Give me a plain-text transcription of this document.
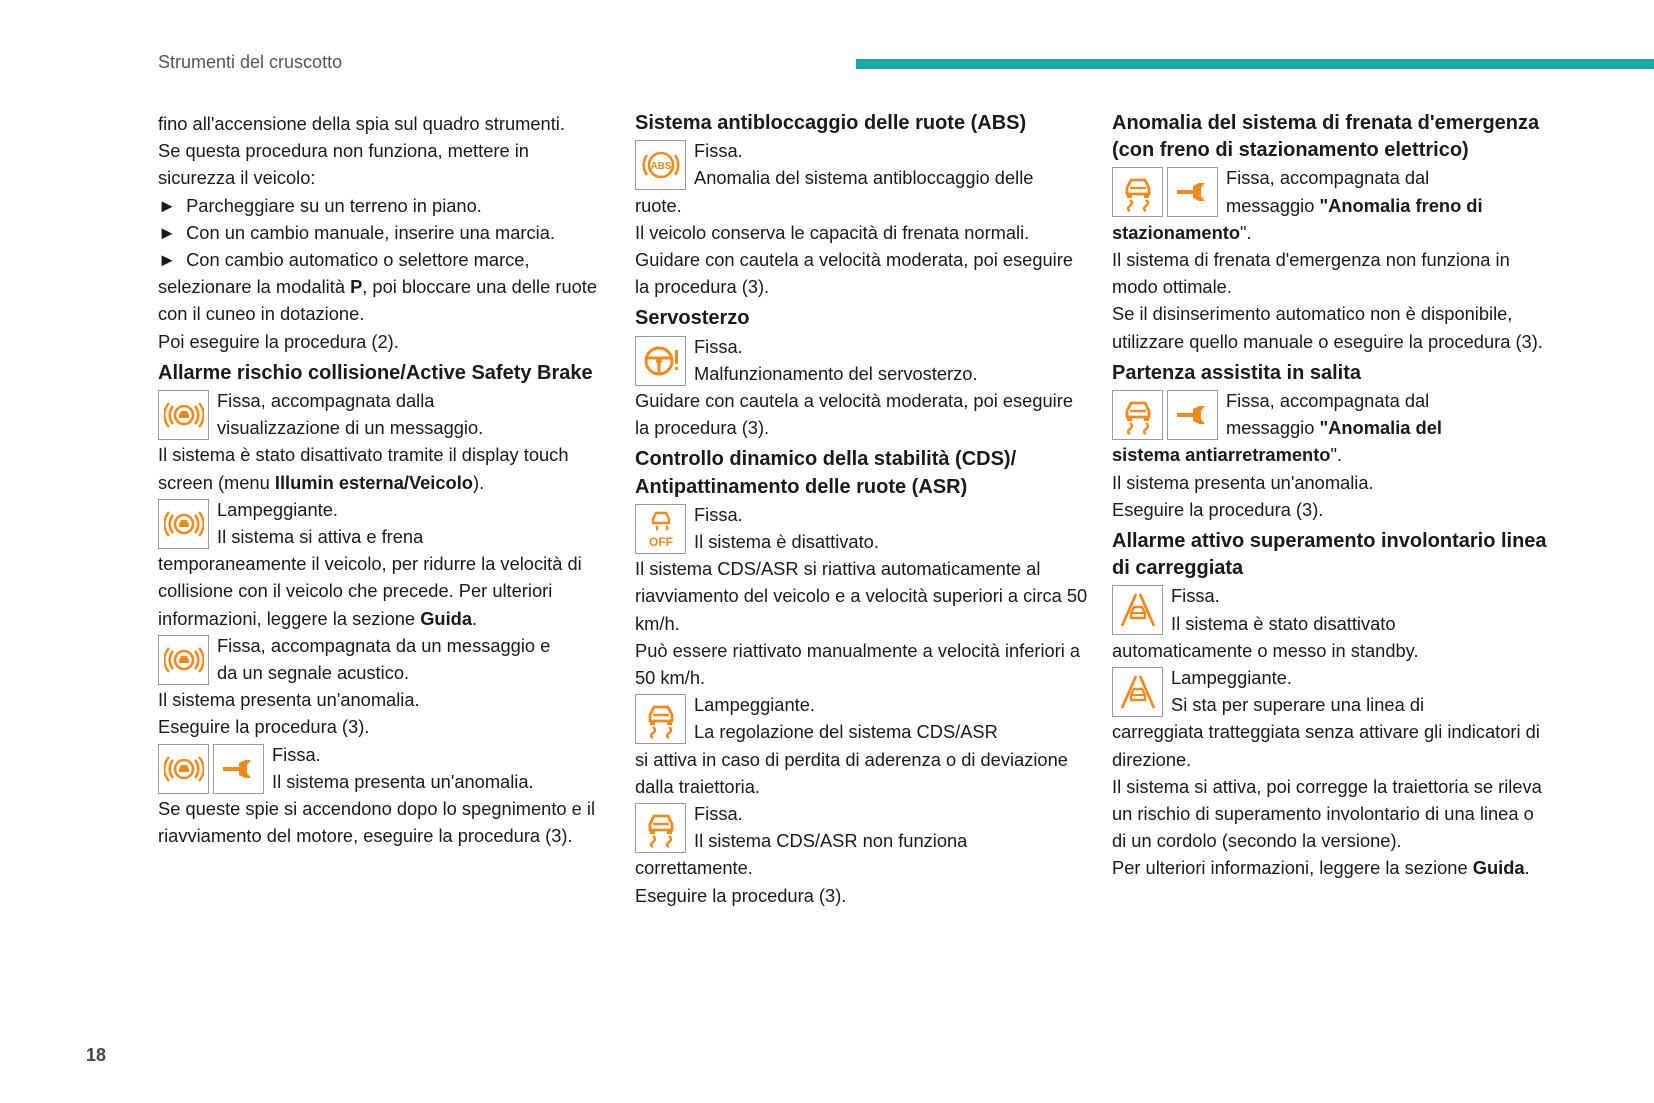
Strumenti del cruscotto

fino all'accensione della spia sul quadro strumenti.

Se questa procedura non funziona, mettere in sicurezza il veicolo:

► Parcheggiare su un terreno in piano.

► Con un cambio manuale, inserire una marcia.

► Con cambio automatico o selettore marce, selezionare la modalità P, poi bloccare una delle ruote con il cuneo in dotazione.

Poi eseguire la procedura (2).

Allarme rischio collisione/Active Safety Brake

Fissa, accompagnata dalla
visualizzazione di un messaggio.

Il sistema è stato disattivato tramite il display touch screen (menu Illumin esterna/Veicolo).

Lampeggiante.
Il sistema si attiva e frena

temporaneamente il veicolo, per ridurre la velocità di collisione con il veicolo che precede. Per ulteriori informazioni, leggere la sezione Guida.

Fissa, accompagnata da un messaggio e
da un segnale acustico.

Il sistema presenta un'anomalia.

Eseguire la procedura (3).

Fissa.
Il sistema presenta un'anomalia.

Se queste spie si accendono dopo lo spegnimento e il riavviamento del motore, eseguire la procedura (3).

Sistema antibloccaggio delle ruote (ABS)

Fissa.
Anomalia del sistema antibloccaggio delle

ruote.

Il veicolo conserva le capacità di frenata normali.

Guidare con cautela a velocità moderata, poi eseguire la procedura (3).

Servosterzo

Fissa.
Malfunzionamento del servosterzo.

Guidare con cautela a velocità moderata, poi eseguire la procedura (3).

Controllo dinamico della stabilità (CDS)/ Antipattinamento delle ruote (ASR)

OFF
Fissa.
Il sistema è disattivato.

Il sistema CDS/ASR si riattiva automaticamente al riavviamento del veicolo e a velocità superiori a circa 50 km/h.

Può essere riattivato manualmente a velocità inferiori a 50 km/h.

Lampeggiante.
La regolazione del sistema CDS/ASR

si attiva in caso di perdita di aderenza o di deviazione dalla traiettoria.

Fissa.
Il sistema CDS/ASR non funziona

correttamente.

Eseguire la procedura (3).

Anomalia del sistema di frenata d'emergenza (con freno di stazionamento elettrico)

Fissa, accompagnata dal
messaggio "Anomalia freno di

stazionamento".

Il sistema di frenata d'emergenza non funziona in modo ottimale.

Se il disinserimento automatico non è disponibile, utilizzare quello manuale o eseguire la procedura (3).

Partenza assistita in salita

Fissa, accompagnata dal
messaggio "Anomalia del

sistema antiarretramento".

Il sistema presenta un'anomalia.

Eseguire la procedura (3).

Allarme attivo superamento involontario linea di carreggiata

Fissa.
Il sistema è stato disattivato

automaticamente o messo in standby.

Lampeggiante.
Si sta per superare una linea di

carreggiata tratteggiata senza attivare gli indicatori di direzione.

Il sistema si attiva, poi corregge la traiettoria se rileva un rischio di superamento involontario di una linea o di un cordolo (secondo la versione).

Per ulteriori informazioni, leggere la sezione Guida.

18
